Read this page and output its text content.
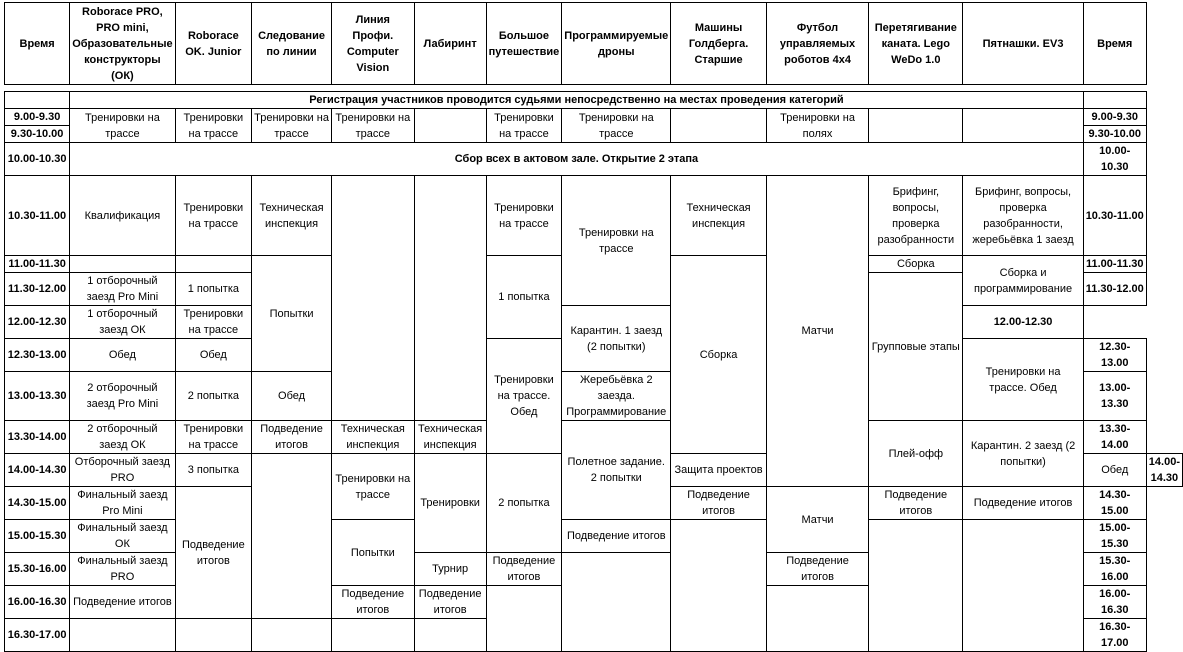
Время	Roborace PRO, PRO mini, Образовательные конструкторы (ОК)	Roborace OK. Junior	Следование по линии	Линия Профи. Computer Vision	Лабиринт	Большое путешествие	Программируемые дроны	Машины Голдберга. Старшие	Футбол управляемых роботов 4x4	Перетягивание каната. Lego WeDo 1.0	Пятнашки. EV3	Время	

	Регистрация участников проводится судьями непосредственно на местах проведения категорий												
9.00-9.30	Тренировки на трассе	Тренировки на трассе	Тренировки на трассе	Тренировки на трассе		Тренировки на трассе	Тренировки на трассе		Тренировки на полях			9.00-9.30	
9.30-10.00												9.30-10.00	
10.00-10.30	Сбор всех в актовом зале. Открытие 2 этапа											10.00-10.30	
10.30-11.00	Квалификация	Тренировки на трассе	Техническая инспекция			Тренировки на трассе	Тренировки на трассе	Техническая инспекция	Матчи	Брифинг, вопросы, проверка разобранности	Брифинг, вопросы, проверка разобранности, жеребьёвка 1 заезд	10.30-11.00	
11.00-11.30			Попытки			1 попытка		Сборка		Сборка	Сборка и программирование	11.00-11.30	
11.30-12.00	1 отборочный заезд Pro Mini	1 попытка								Групповые этапы		11.30-12.00	
12.00-12.30	1 отборочный заезд ОК	Тренировки на трассе					Карантин. 1 заезд (2 попытки)				12.00-12.30		
12.30-13.00	Обед	Обед				Тренировки на трассе. Обед					Тренировки на трассе. Обед	12.30-13.00	
13.00-13.30	2 отборочный заезд Pro Mini	2 попытка	Обед				Жеребьёвка 2 заезда. Программирование					13.00-13.30	
13.30-14.00	2 отборочный заезд ОК	Тренировки на трассе	Подведение итогов	Техническая инспекция	Техническая инспекция		Полетное задание. 2 попытки			Плей-офф	Карантин. 2 заезд (2 попытки)	13.30-14.00	
14.00-14.30	Отборочный заезд PRO	3 попытка		Тренировки на трассе	Тренировки	2 попытка		Защита проектов				Обед	14.00-14.30
14.30-15.00	Финальный заезд Pro Mini	Подведение итогов						Подведение итогов	Матчи	Подведение итогов	Подведение итогов	14.30-15.00	
15.00-15.30	Финальный заезд ОК			Попытки			Подведение итогов					15.00-15.30	
15.30-16.00	Финальный заезд PRO				Турнир	Подведение итогов			Подведение итогов			15.30-16.00	
16.00-16.30	Подведение итогов			Подведение итогов	Подведение итогов							16.00-16.30	
16.30-17.00												16.30-17.00	
